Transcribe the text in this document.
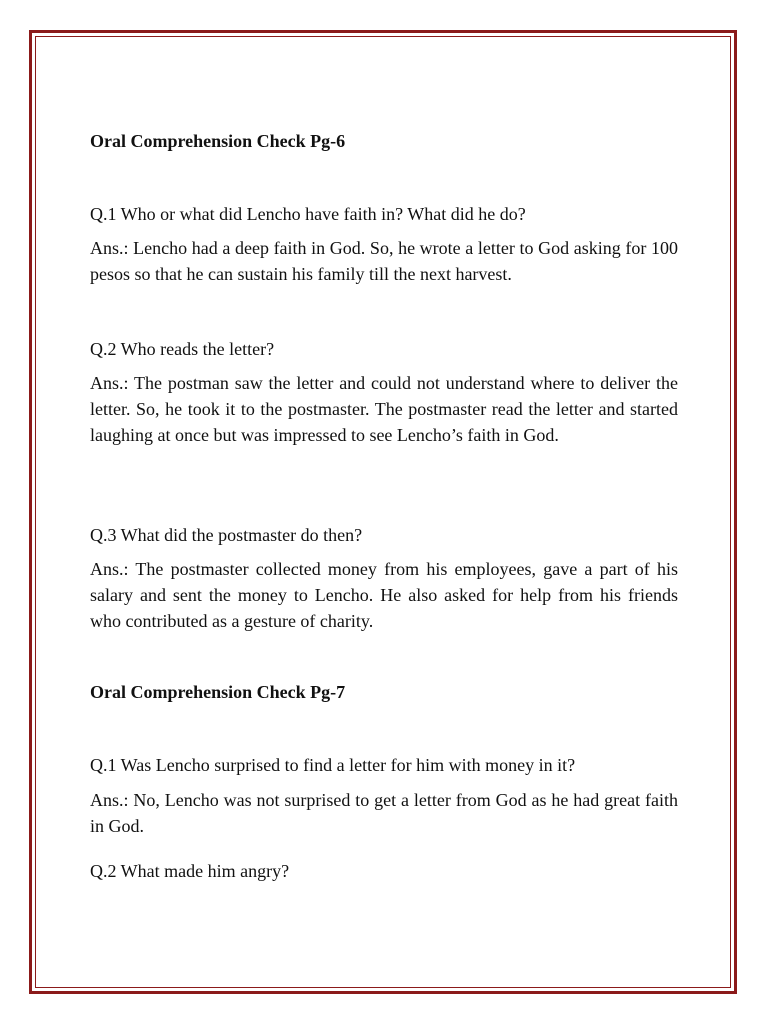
Oral Comprehension Check Pg-6

Q.1 Who or what did Lencho have faith in? What did he do?

Ans.: Lencho had a deep faith in God. So, he wrote a letter to God asking for 100 pesos so that he can sustain his family till the next harvest.

Q.2 Who reads the letter?

Ans.: The postman saw the letter and could not understand where to deliver the letter. So, he took it to the postmaster. The postmaster read the letter and started laughing at once but was impressed to see Lencho’s faith in God.

Q.3 What did the postmaster do then?

Ans.: The postmaster collected money from his employees, gave a part of his salary and sent the money to Lencho. He also asked for help from his friends who contributed as a gesture of charity.

Oral Comprehension Check Pg-7

Q.1 Was Lencho surprised to find a letter for him with money in it?

Ans.: No, Lencho was not surprised to get a letter from God as he had great faith in God.

Q.2 What made him angry?
